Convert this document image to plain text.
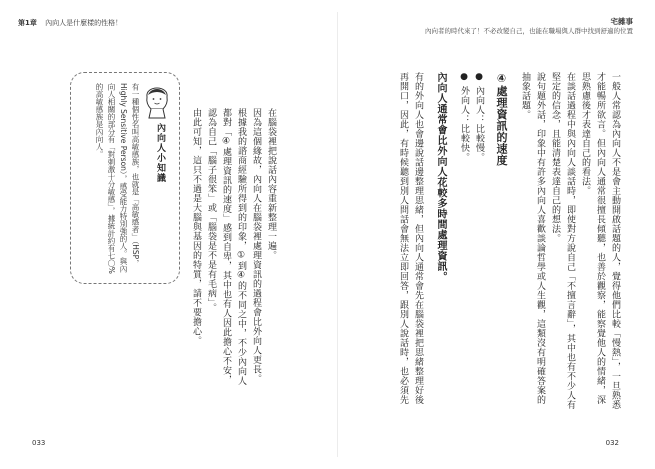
第1章 內向人是什麼樣的性格！	宅雜事
內向者的時代來了！不必改變自己，也能在職場與人群中找到舒適的位置

一般人常認為內向人不是會主動開啟話題的人，覺得他們比較「慢熱」，一旦熟悉才能暢所欲言。但內向人通常很擅長傾聽，也善於觀察，能察覺他人的情緒，深思熟慮後才表達自己的看法。

在談話過程中與內向人談話時，即使對方說自己「不擅言辭」，其中也有不少人有堅定的信念，且能清楚表達自己的想法。

說句題外話，印象中有許多內向人喜歡談論哲學或人生觀，這類沒有明確答案的抽象話題。

④處理資訊的速度

● 內向人：比較慢。

● 外向人：比較快。

內向人通常會比外向人花較多時間處理資訊。

有的外向人也會邊說話邊整理思緒，但內向人通常會先在腦袋裡把思緒整理好後再開口，因此，有時候聽到別人問話會無法立即回答，跟別人說話時，也必須先

在腦袋裡把說話內容重新整理一遍。

因為這個緣故，內向人在腦袋裡處理資訊的過程會比外向人更長。

根據我的諮商經驗所得到的印象，①到④的不同之中，不少內向人都對「④處理資訊的速度」感到自卑，其中也有人因此擔心不安，認為自己「腦子很笨」或「腦袋是不是有毛病」。

由此可知，這只不過是大腦與基因的特質，請不要擔心。

內向人小知識
有一種個性名叫高敏感族，也就是「高敏感者」（HSP，Highly Sensitive Person），感受能力特別強的人。與內向人相關的部分有「對刺激十分敏感」，據統計約有七〇%的高敏感族是內向人。
033	032
